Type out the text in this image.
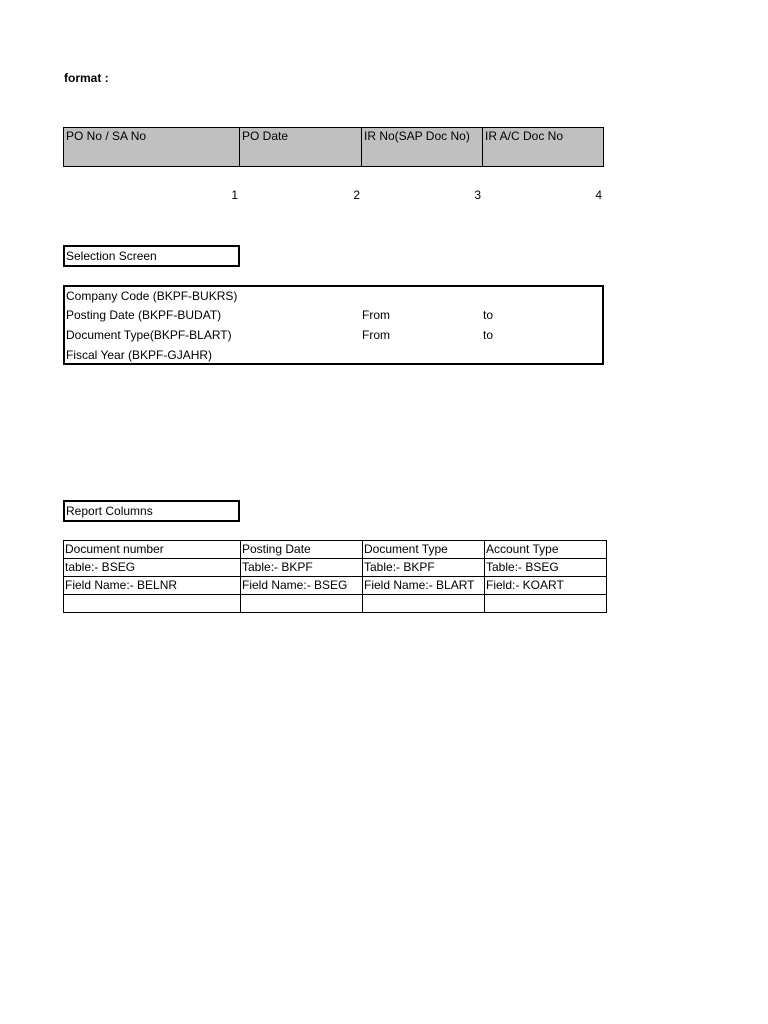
format :
PO No / SA No	PO Date	IR No(SAP Doc No)	IR A/C Doc No
1	2	3	4
Selection Screen
Company Code (BKPF-BUKRS)
Posting Date (BKPF-BUDAT)	From	to
Document Type(BKPF-BLART)	From	to
Fiscal Year (BKPF-GJAHR)
Report Columns
Document number	Posting Date	Document Type	Account Type
table:- BSEG	Table:- BKPF	Table:- BKPF	Table:- BSEG
Field Name:- BELNR	Field Name:- BSEG	Field Name:- BLART	Field:- KOART
